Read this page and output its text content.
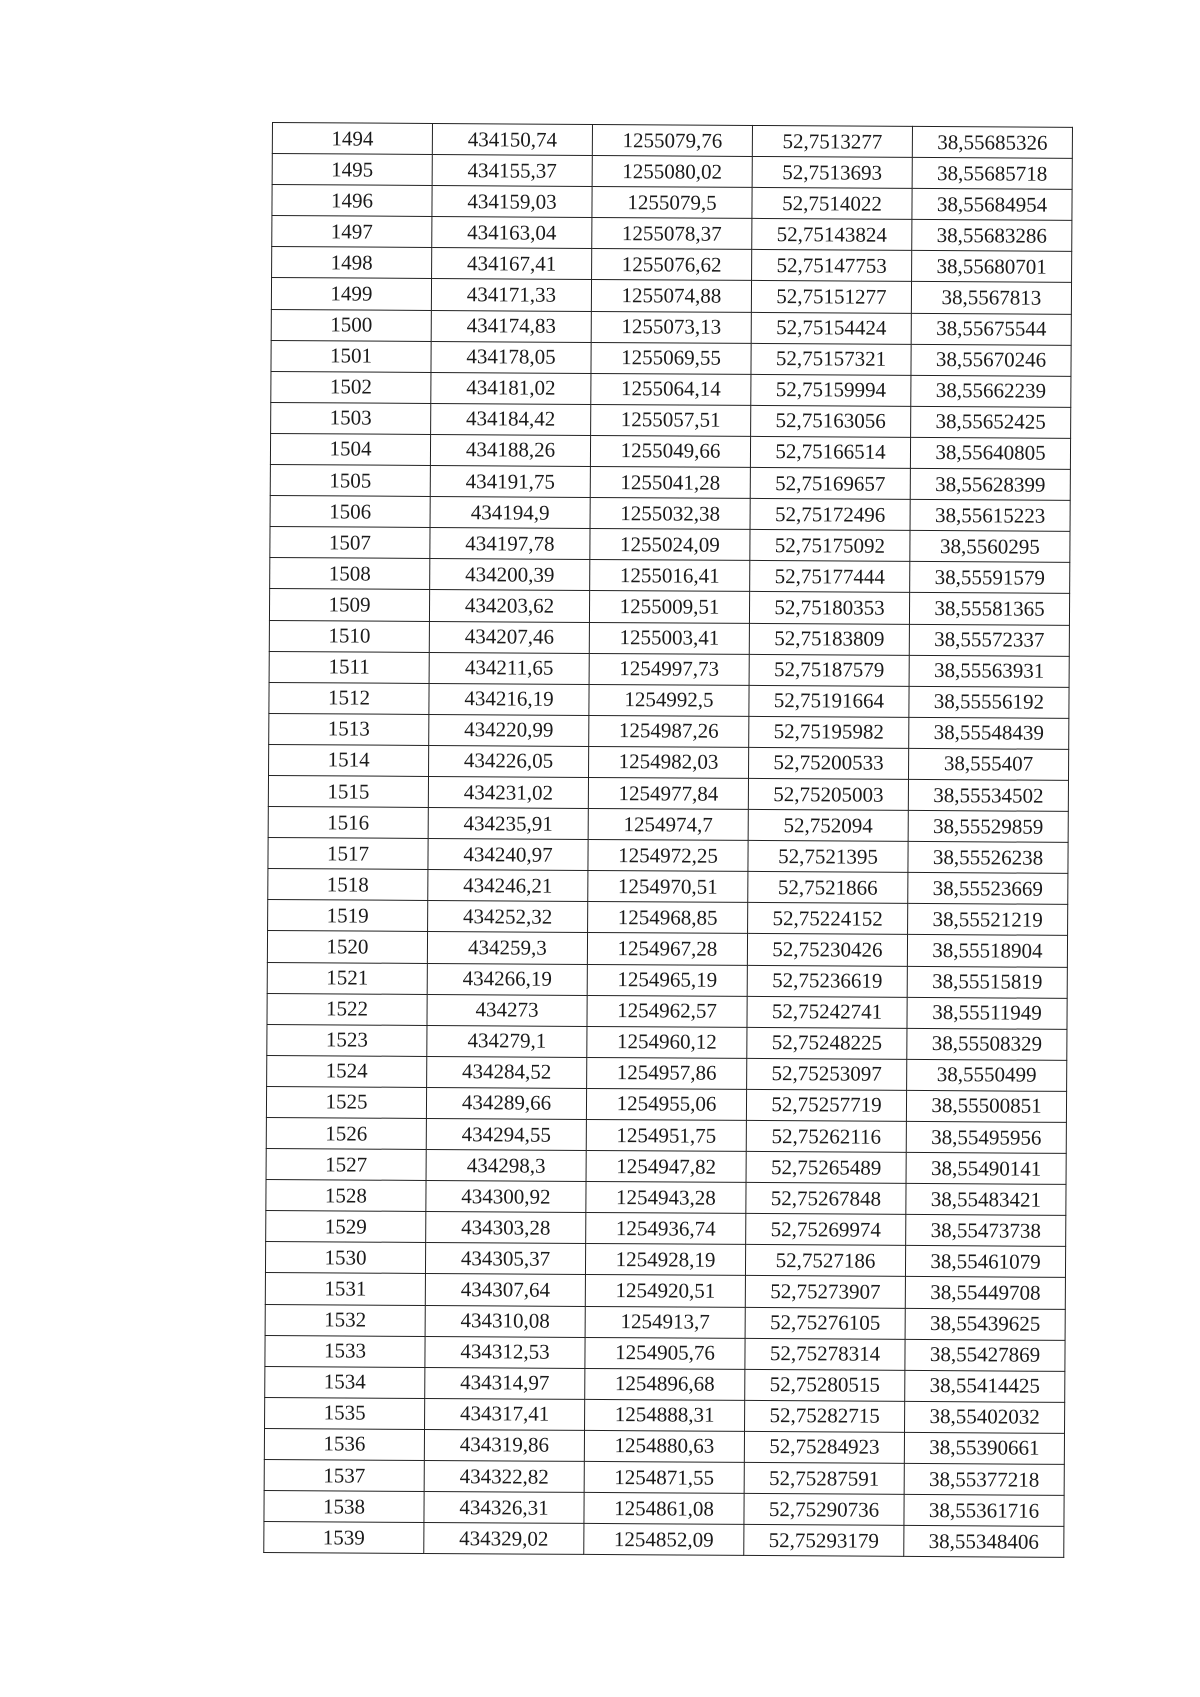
1494	434150,74	1255079,76	52,7513277	38,55685326
1495	434155,37	1255080,02	52,7513693	38,55685718
1496	434159,03	1255079,5	52,7514022	38,55684954
1497	434163,04	1255078,37	52,75143824	38,55683286
1498	434167,41	1255076,62	52,75147753	38,55680701
1499	434171,33	1255074,88	52,75151277	38,5567813
1500	434174,83	1255073,13	52,75154424	38,55675544
1501	434178,05	1255069,55	52,75157321	38,55670246
1502	434181,02	1255064,14	52,75159994	38,55662239
1503	434184,42	1255057,51	52,75163056	38,55652425
1504	434188,26	1255049,66	52,75166514	38,55640805
1505	434191,75	1255041,28	52,75169657	38,55628399
1506	434194,9	1255032,38	52,75172496	38,55615223
1507	434197,78	1255024,09	52,75175092	38,5560295
1508	434200,39	1255016,41	52,75177444	38,55591579
1509	434203,62	1255009,51	52,75180353	38,55581365
1510	434207,46	1255003,41	52,75183809	38,55572337
1511	434211,65	1254997,73	52,75187579	38,55563931
1512	434216,19	1254992,5	52,75191664	38,55556192
1513	434220,99	1254987,26	52,75195982	38,55548439
1514	434226,05	1254982,03	52,75200533	38,555407
1515	434231,02	1254977,84	52,75205003	38,55534502
1516	434235,91	1254974,7	52,752094	38,55529859
1517	434240,97	1254972,25	52,7521395	38,55526238
1518	434246,21	1254970,51	52,7521866	38,55523669
1519	434252,32	1254968,85	52,75224152	38,55521219
1520	434259,3	1254967,28	52,75230426	38,55518904
1521	434266,19	1254965,19	52,75236619	38,55515819
1522	434273	1254962,57	52,75242741	38,55511949
1523	434279,1	1254960,12	52,75248225	38,55508329
1524	434284,52	1254957,86	52,75253097	38,5550499
1525	434289,66	1254955,06	52,75257719	38,55500851
1526	434294,55	1254951,75	52,75262116	38,55495956
1527	434298,3	1254947,82	52,75265489	38,55490141
1528	434300,92	1254943,28	52,75267848	38,55483421
1529	434303,28	1254936,74	52,75269974	38,55473738
1530	434305,37	1254928,19	52,7527186	38,55461079
1531	434307,64	1254920,51	52,75273907	38,55449708
1532	434310,08	1254913,7	52,75276105	38,55439625
1533	434312,53	1254905,76	52,75278314	38,55427869
1534	434314,97	1254896,68	52,75280515	38,55414425
1535	434317,41	1254888,31	52,75282715	38,55402032
1536	434319,86	1254880,63	52,75284923	38,55390661
1537	434322,82	1254871,55	52,75287591	38,55377218
1538	434326,31	1254861,08	52,75290736	38,55361716
1539	434329,02	1254852,09	52,75293179	38,55348406
